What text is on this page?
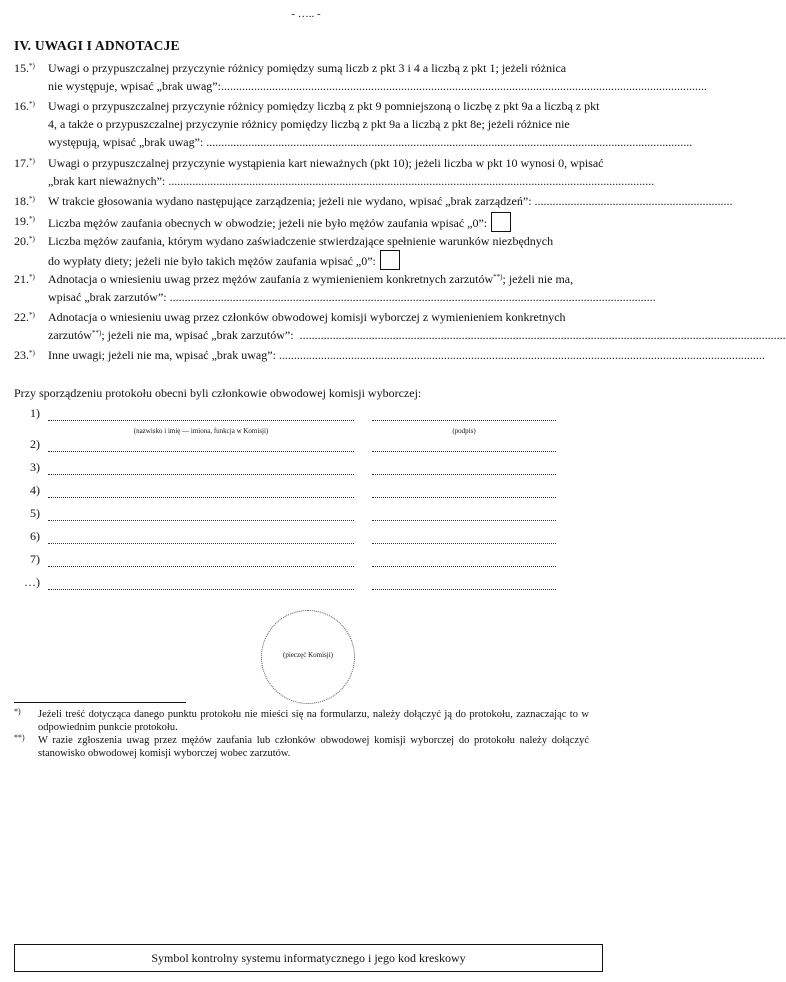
- ….. -
IV. UWAGI I ADNOTACJE
15.*) Uwagi o przypuszczalnej przyczynie różnicy pomiędzy sumą liczb z pkt 3 i 4 a liczbą z pkt 1; jeżeli różnica
nie występuje, wpisać „brak uwag”:..................................................................................................................................................................
16.*) Uwagi o przypuszczalnej przyczynie różnicy pomiędzy liczbą z pkt 9 pomniejszoną o liczbę z pkt 9a a liczbą z pkt
4, a także o przypuszczalnej przyczynie różnicy pomiędzy liczbą z pkt 9a a liczbą z pkt 8e; jeżeli różnice nie
występują, wpisać „brak uwag”: ..................................................................................................................................................................
17.*) Uwagi o przypuszczalnej przyczynie wystąpienia kart nieważnych (pkt 10); jeżeli liczba w pkt 10 wynosi 0, wpisać
„brak kart nieważnych”: ..................................................................................................................................................................
18.*) W trakcie głosowania wydano następujące zarządzenia; jeżeli nie wydano, wpisać „brak zarządzeń”: ..................................................................
19.*) Liczba mężów zaufania obecnych w obwodzie; jeżeli nie było mężów zaufania wpisać „0”:
20.*) Liczba mężów zaufania, którym wydano zaświadczenie stwierdzające spełnienie warunków niezbędnych
do wypłaty diety; jeżeli nie było takich mężów zaufania wpisać „0”:
21.*) Adnotacja o wniesieniu uwag przez mężów zaufania z wymienieniem konkretnych zarzutów**); jeżeli nie ma,
wpisać „brak zarzutów”: ..................................................................................................................................................................
22.*) Adnotacja o wniesieniu uwag przez członków obwodowej komisji wyborczej z wymienieniem konkretnych
zarzutów**); jeżeli nie ma, wpisać „brak zarzutów”:  ..................................................................................................................................................................
23.*) Inne uwagi; jeżeli nie ma, wpisać „brak uwag”: ..................................................................................................................................................................
Przy sporządzeniu protokołu obecni byli członkowie obwodowej komisji wyborczej:
1)
2)
3)
4)
5)
6)
7)
…)
(nazwisko i imię — imiona, funkcja w Komisji)	(podpis)
(pieczęć Komisji)
*) Jeżeli treść dotycząca danego punktu protokołu nie mieści się na formularzu, należy dołączyć ją do protokołu, zaznaczając to w odpowiednim punkcie protokołu.
**) W razie zgłoszenia uwag przez mężów zaufania lub członków obwodowej komisji wyborczej do protokołu należy dołączyć stanowisko obwodowej komisji wyborczej wobec zarzutów.
Symbol kontrolny systemu informatycznego i jego kod kreskowy
